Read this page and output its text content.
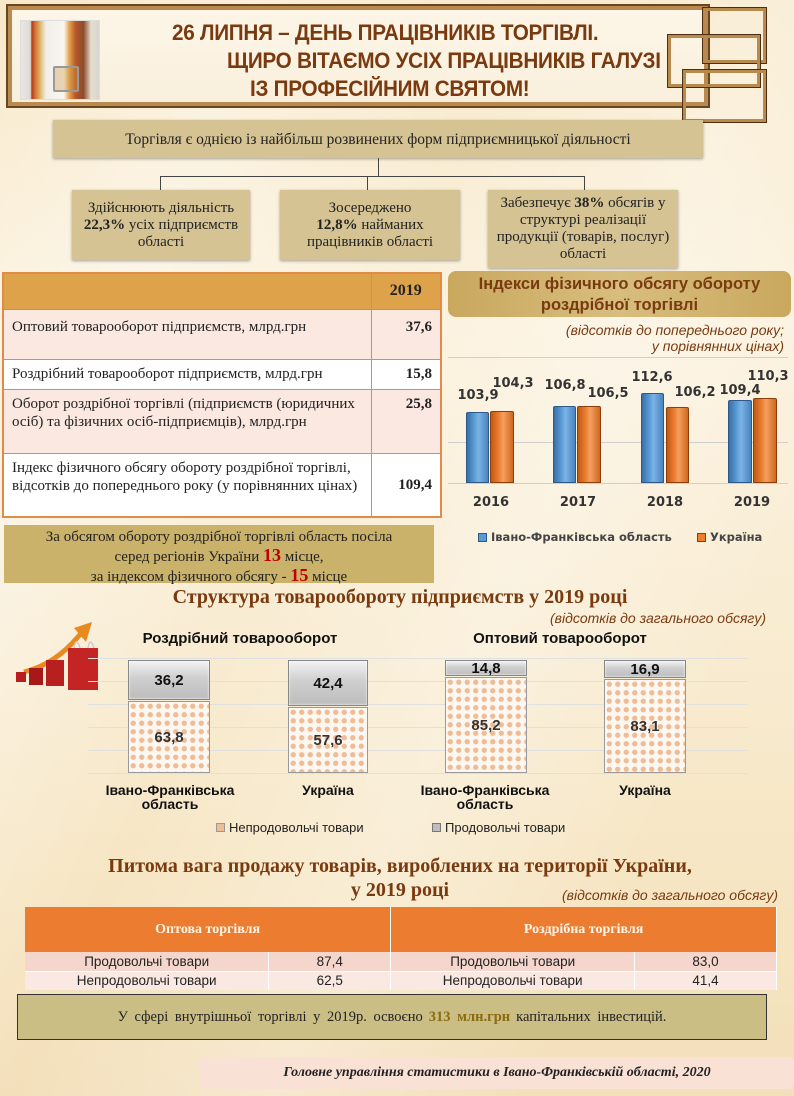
26 ЛИПНЯ – ДЕНЬ ПРАЦІВНИКІВ ТОРГІВЛІ.
ЩИРО ВІТАЄМО УСІХ ПРАЦІВНИКІВ ГАЛУЗІ
ІЗ ПРОФЕСІЙНИМ СВЯТОМ!
Торгівля є однією із найбільш розвинених форм підприємницької діяльності
Здійснюють діяльність
22,3% усіх підприємств області
Зосереджено
12,8% найманих працівників області
Забезпечує 38% обсягів у структурі реалізації продукції (товарів, послуг) області
	2019
Оптовий товарооборот підприємств, млрд.грн	37,6
Роздрібний товарооборот підприємств, млрд.грн	15,8
Оборот роздрібної торгівлі (підприємств (юридичних осіб) та фізичних осіб-підприємців), млрд.грн	25,8
Індекс фізичного обсягу обороту роздрібної торгівлі, відсотків до попереднього року (у порівнянних цінах)	109,4
За обсягом обороту роздрібної торгівлі область посіла
серед регіонів України 13 місце,
за індексом фізичного обсягу - 15 місце
Індекси фізичного обсягу обороту роздрібної торгівлі
(відсотків до попереднього року;
у порівнянних цінах)
103,9
104,3 106,8
106,5
112,6
106,2 109,4
110,3
2016	2017	2018	2019
Івано-Франківська область	Україна
Структура товарообороту підприємств у 2019 році
(відсотків до загального обсягу)
Роздрібний товарооборот	Оптовий товарооборот
36,2
63,8
42,4
57,6
14,8
85,2
16,9
83,1
Івано-Франківська
область
Україна	Івано-Франківська
область
Україна
Непродовольчі товари	Продовольчі товари
Питома вага продажу товарів, вироблених на території України,
у 2019 році	(відсотків до загального обсягу)
Оптова торгівля		Роздрібна торгівля	
Продовольчі товари	87,4	Продовольчі товари	83,0
Непродовольчі товари	62,5	Непродовольчі товари	41,4
У сфері внутрішньої торгівлі у 2019р. освоєно 313 млн.грн капітальних інвестицій.
Головне управління статистики в Івано-Франківській області, 2020
